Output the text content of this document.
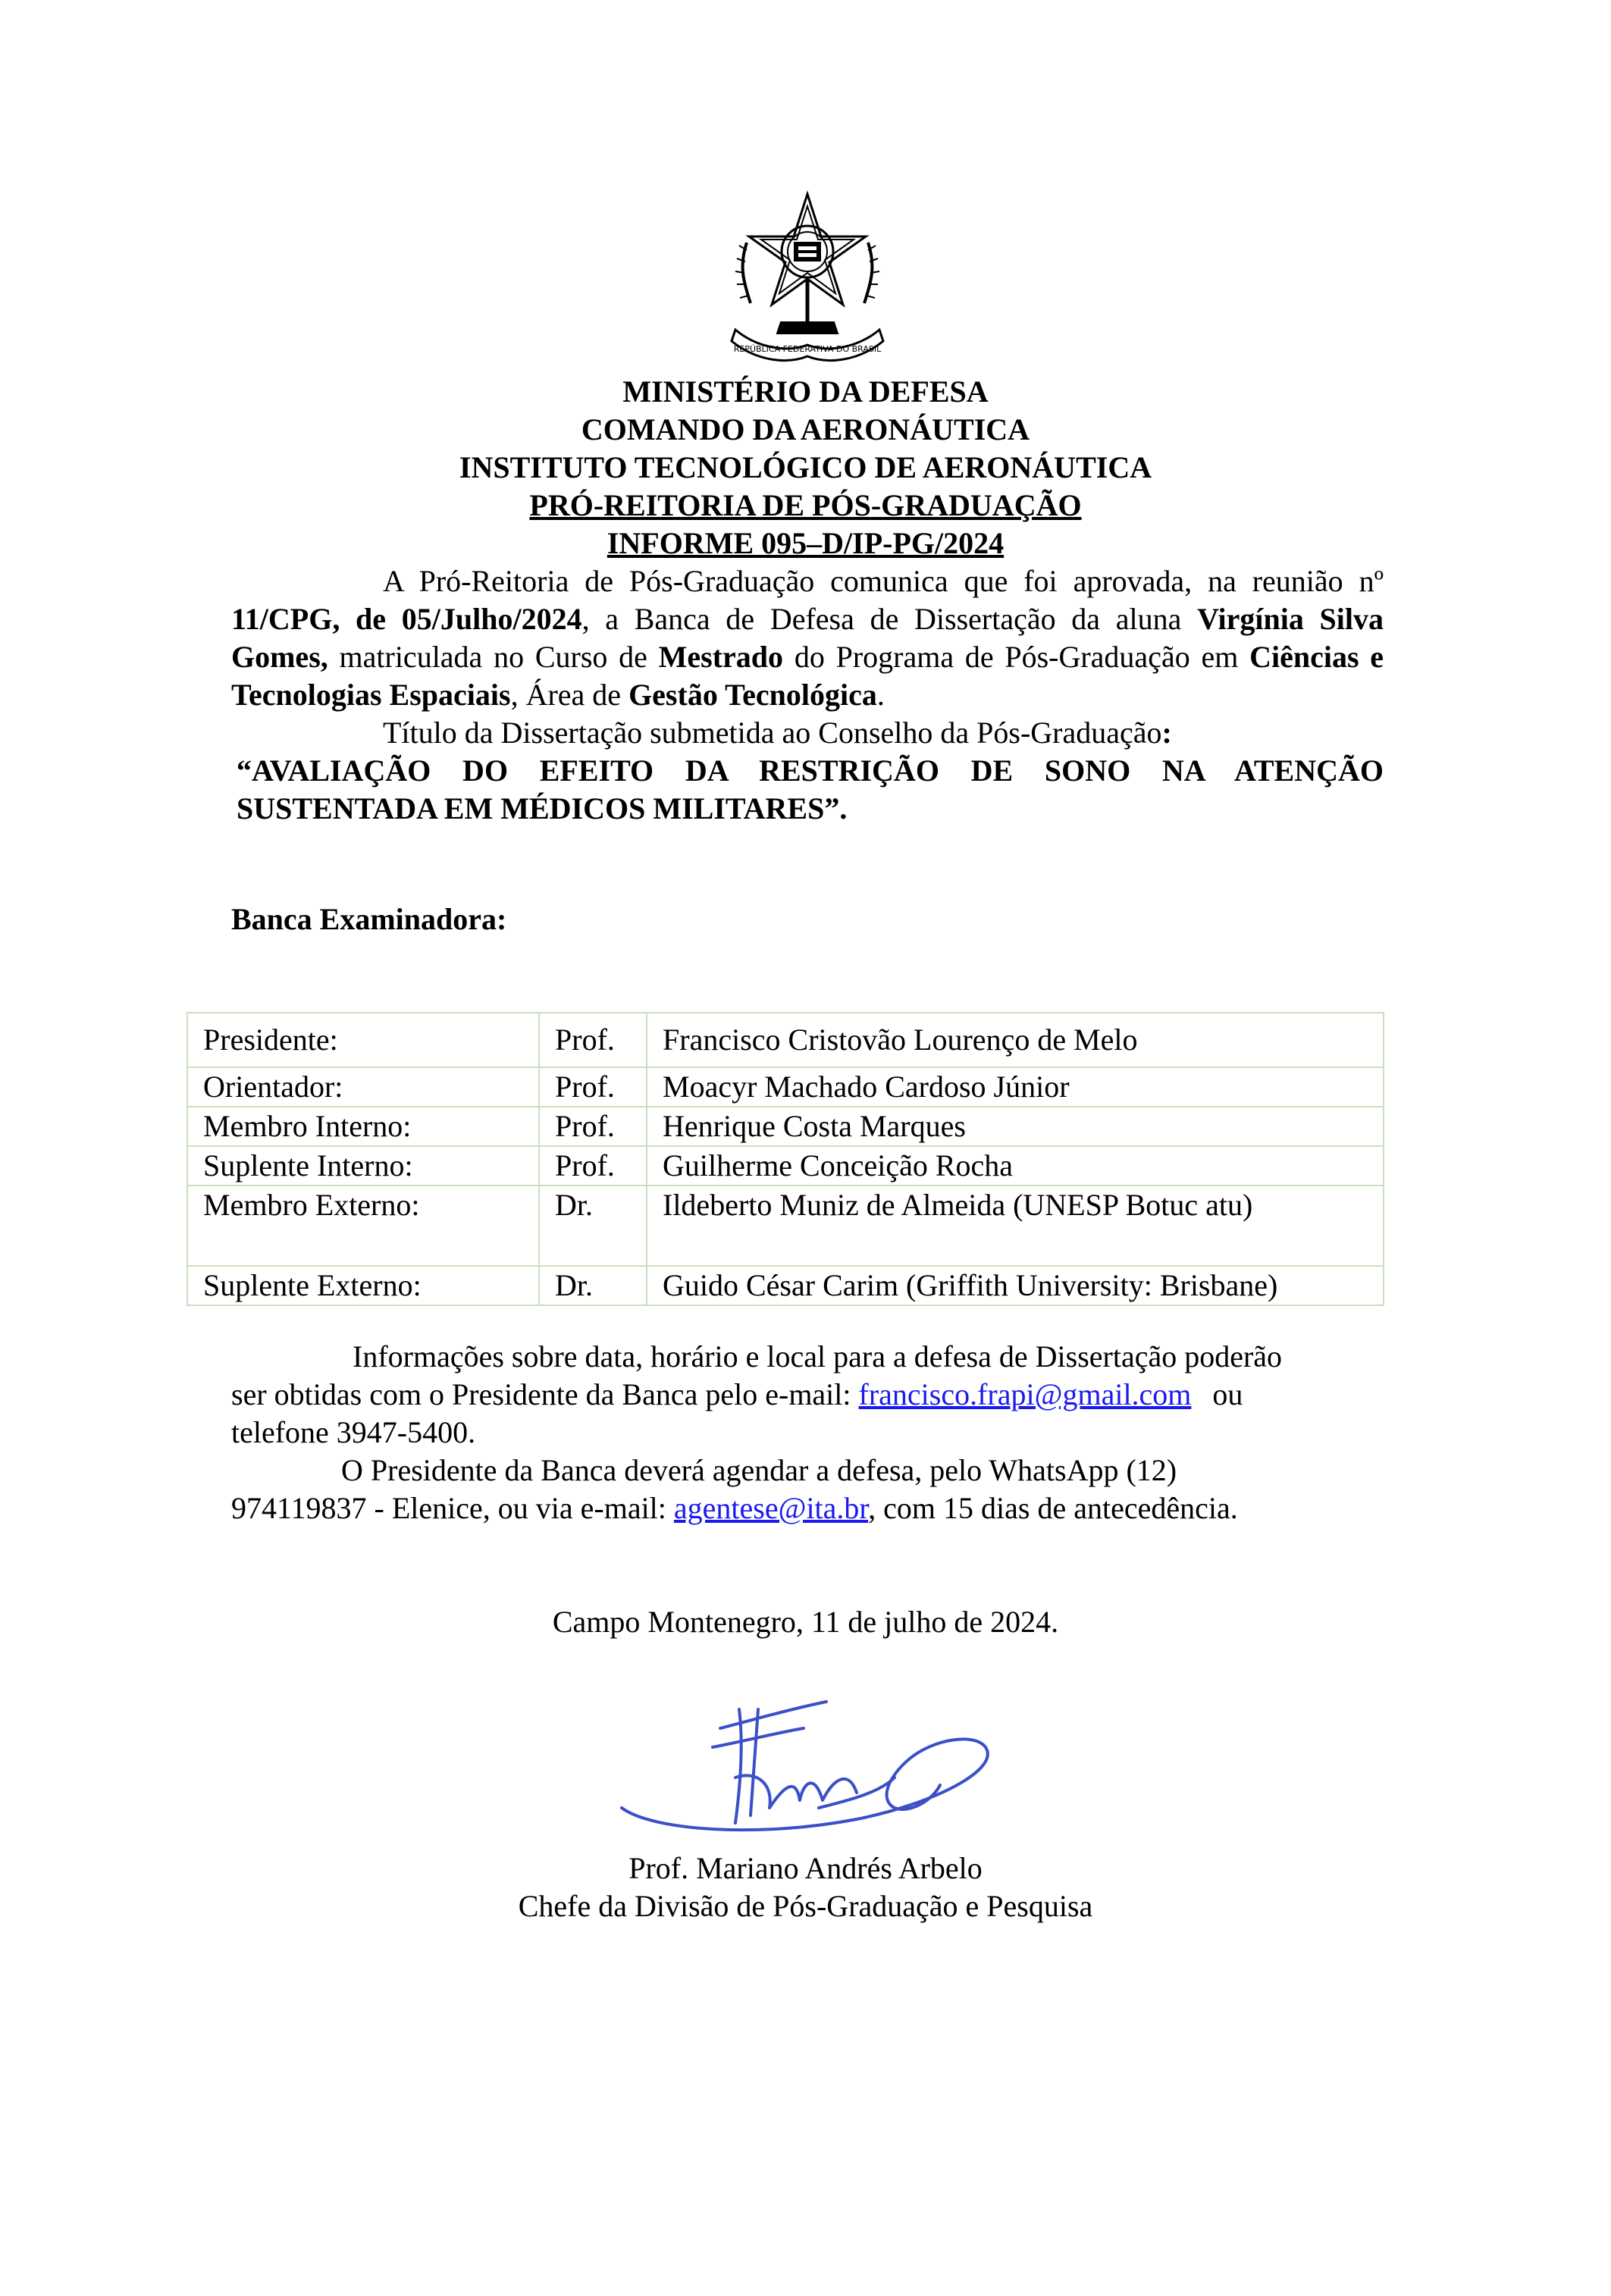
REPÚBLICA FEDERATIVA DO BRASIL
MINISTÉRIO DA DEFESA
COMANDO DA AERONÁUTICA
INSTITUTO TECNOLÓGICO DE AERONÁUTICA
PRÓ-REITORIA DE PÓS-GRADUAÇÃO
INFORME 095–D/IP-PG/2024
A Pró-Reitoria de Pós-Graduação comunica que foi aprovada, na reunião nº 11/CPG, de 05/Julho/2024, a Banca de Defesa de Dissertação da aluna Virgínia Silva Gomes, matriculada no Curso de Mestrado do Programa de Pós-Graduação em Ciências e Tecnologias Espaciais, Área de Gestão Tecnológica.
Título da Dissertação submetida ao Conselho da Pós-Graduação:
“AVALIAÇÃO DO EFEITO DA RESTRIÇÃO DE SONO NA ATENÇÃO SUSTENTADA EM MÉDICOS MILITARES”.
Banca Examinadora:
Presidente:	Prof.	Francisco Cristovão Lourenço de Melo
Orientador:	Prof.	Moacyr Machado Cardoso Júnior
Membro Interno:	Prof.	Henrique Costa Marques
Suplente Interno:	Prof.	Guilherme Conceição Rocha
Membro Externo:	Dr.	Ildeberto Muniz de Almeida (UNESP Botuc atu)
Suplente Externo:	Dr.	Guido César Carim (Griffith University: Brisbane)
Informações sobre data, horário e local para a defesa de Dissertação poderão
ser obtidas com o Presidente da Banca pelo e-mail: francisco.frapi@gmail.com ou
telefone 3947-5400.
O Presidente da Banca deverá agendar a defesa, pelo WhatsApp (12)
974119837 - Elenice, ou via e-mail: agentese@ita.br, com 15 dias de antecedência.
Campo Montenegro, 11 de julho de 2024.
Prof. Mariano Andrés Arbelo
Chefe da Divisão de Pós-Graduação e Pesquisa
